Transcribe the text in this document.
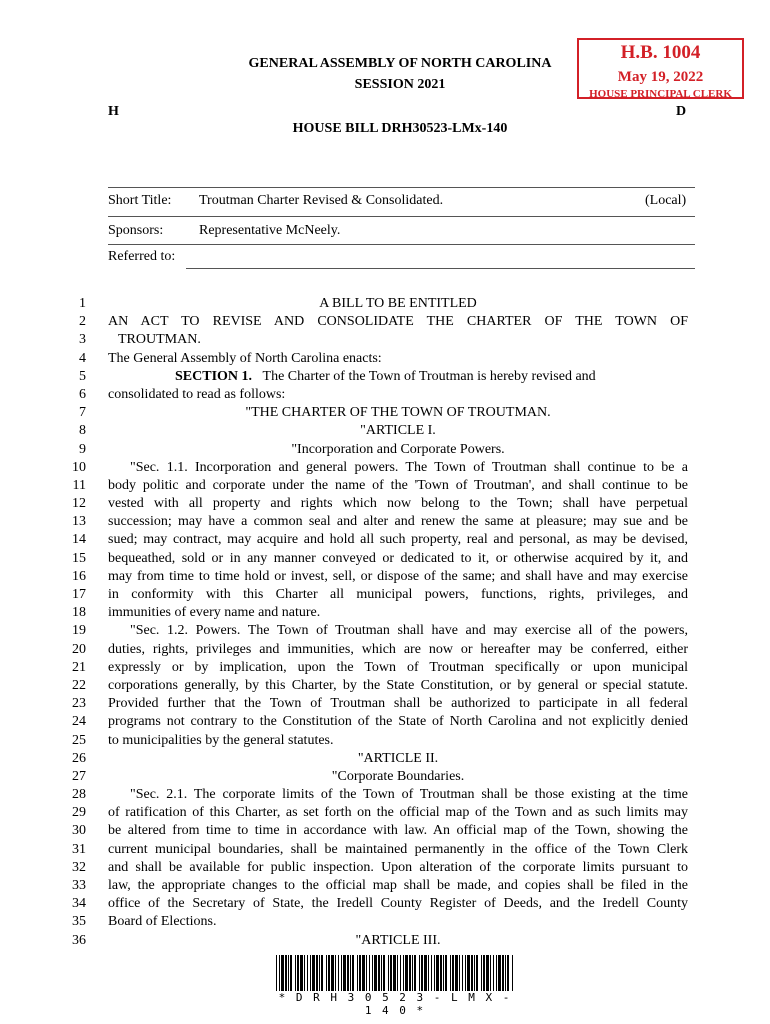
GENERAL ASSEMBLY OF NORTH CAROLINA
SESSION 2021
H	D
HOUSE BILL DRH30523-LMx-140
H.B. 1004
May 19, 2022
HOUSE PRINCIPAL CLERK
Short Title: Troutman Charter Revised & Consolidated.	(Local)
Sponsors:	Representative McNeely.
Referred to:
1
2
3
4
5
6
7
8
9
10
11
12
13
14
15
16
17
18
19
20
21
22
23
24
25
26
27
28
29
30
31
32
33
34
35
36
A BILL TO BE ENTITLED
AN ACT TO REVISE AND CONSOLIDATE THE CHARTER OF THE TOWN OF
TROUTMAN.
The General Assembly of North Carolina enacts:
SECTION 1. The Charter of the Town of Troutman is hereby revised and
consolidated to read as follows:
"THE CHARTER OF THE TOWN OF TROUTMAN.
"ARTICLE I.
"Incorporation and Corporate Powers.
"Sec. 1.1. Incorporation and general powers. The Town of Troutman shall continue to be a
body politic and corporate under the name of the 'Town of Troutman', and shall continue to be
vested with all property and rights which now belong to the Town; shall have perpetual
succession; may have a common seal and alter and renew the same at pleasure; may sue and be
sued; may contract, may acquire and hold all such property, real and personal, as may be devised,
bequeathed, sold or in any manner conveyed or dedicated to it, or otherwise acquired by it, and
may from time to time hold or invest, sell, or dispose of the same; and shall have and may exercise
in conformity with this Charter all municipal powers, functions, rights, privileges, and
immunities of every name and nature.
"Sec. 1.2. Powers. The Town of Troutman shall have and may exercise all of the powers,
duties, rights, privileges and immunities, which are now or hereafter may be conferred, either
expressly or by implication, upon the Town of Troutman specifically or upon municipal
corporations generally, by this Charter, by the State Constitution, or by general or special statute.
Provided further that the Town of Troutman shall be authorized to participate in all federal
programs not contrary to the Constitution of the State of North Carolina and not explicitly denied
to municipalities by the general statutes.
"ARTICLE II.
"Corporate Boundaries.
"Sec. 2.1. The corporate limits of the Town of Troutman shall be those existing at the time
of ratification of this Charter, as set forth on the official map of the Town and as such limits may
be altered from time to time in accordance with law. An official map of the Town, showing the
current municipal boundaries, shall be maintained permanently in the office of the Town Clerk
and shall be available for public inspection. Upon alteration of the corporate limits pursuant to
law, the appropriate changes to the official map shall be made, and copies shall be filed in the
office of the Secretary of State, the Iredell County Register of Deeds, and the Iredell County
Board of Elections.
"ARTICLE III.
* D R H 3 0 5 2 3 - L M X - 1 4 0 *
